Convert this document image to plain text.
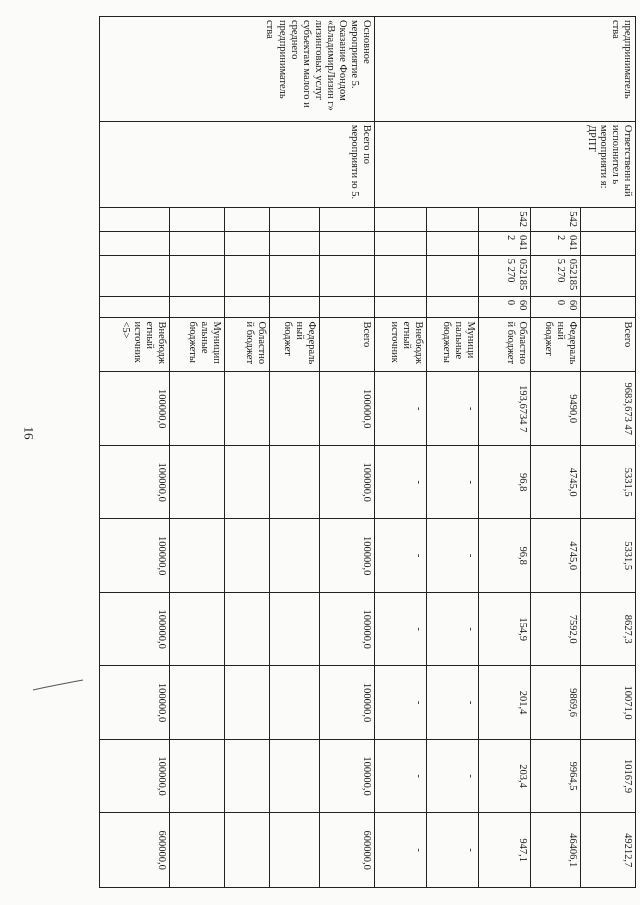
16
предприниматель ства	Ответственн ый исполнител ь мероприяти я: ДРПТ					Всего	9683,673 47	5331,5	5331,5	8627,3	10071,0	10167,9	49212,7
		542	041 2	0521855 270	600	Федераль ный бюджет	9490,0	4745,0	4745,0	7592,0	9869,6	9964,5	46406,1
		542	041 2	0521855 270	600	Областно й бюджет	193,6734 7	96,8	96,8	154,9	201,4	203,4	947,1
						Муници пальные бюджеты	-	-	-	-	-	-	-
						Внебюдж етный источник	-	-	-	-	-	-	-
Основное мероприятие 5. Оказание Фондом «ВладимирЛизин г» лизинговых услуг субъектам малого и среднего предприниматель ства	Всего по мероприяти ю 5.					Всего	100000,0	100000,0	100000,0	100000,0	100000,0	100000,0	600000,0
						Федераль ный бюджет							
						Областно й бюджет							
						Муницип альные бюджеты							
						Внебюдж етный источник <5>	100000,0	100000,0	100000,0	100000,0	100000,0	100000,0	600000,0
